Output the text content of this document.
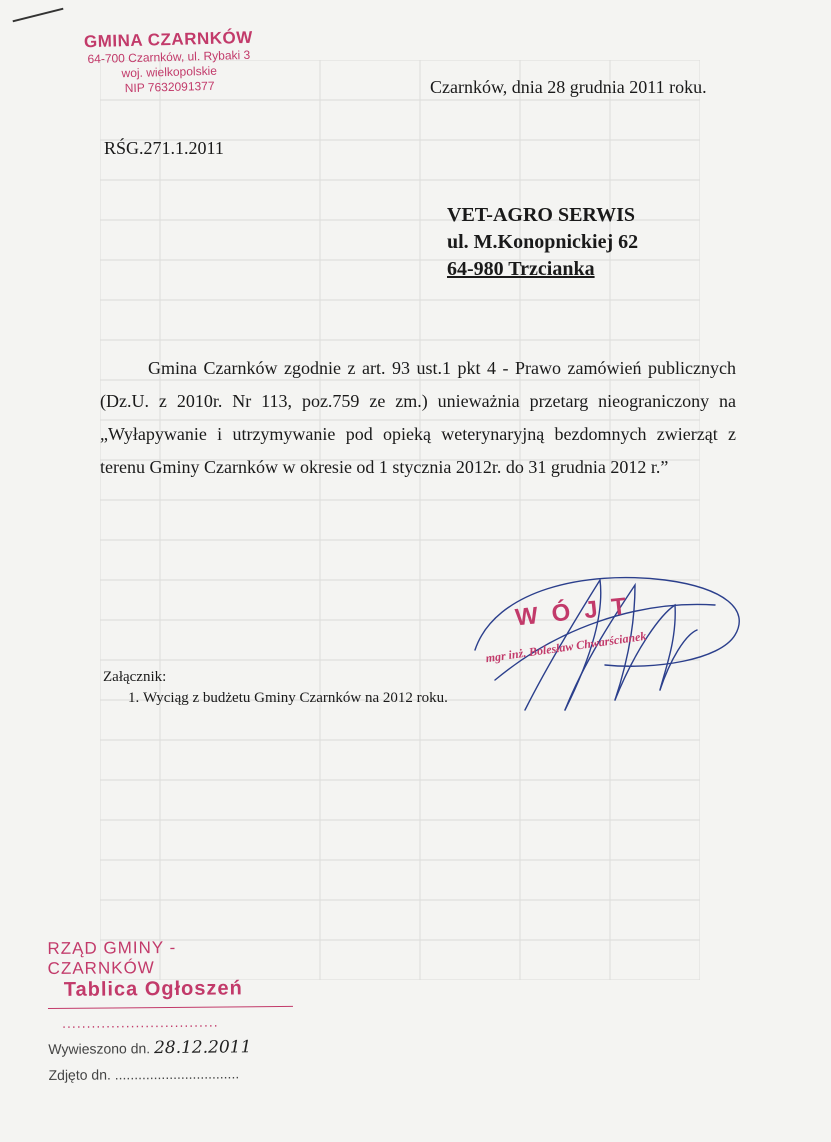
GMINA CZARNKÓW
64-700 Czarnków, ul. Rybaki 3
woj. wielkopolskie
NIP 7632091377	Czarnków, dnia 28 grudnia 2011 roku.
RŚG.271.1.2011
VET-AGRO SERWIS
ul. M.Konopnickiej 62
64-980 Trzcianka

Gmina Czarnków zgodnie z art. 93 ust.1 pkt 4 - Prawo zamówień publicznych (Dz.U. z 2010r. Nr 113, poz.759 ze zm.) unieważnia przetarg nieograniczony na „Wyłapywanie i utrzymywanie pod opieką weterynaryjną bezdomnych zwierząt z terenu Gminy Czarnków w okresie od 1 stycznia 2012r. do 31 grudnia 2012 r.”

WÓJT
mgr inż. Bolesław Chwarścianek
Załącznik:
1. Wyciąg z budżetu Gminy Czarnków na 2012 roku.
RZĄD GMINY - CZARNKÓW
Tablica Ogłoszeń
................................
Wywieszono dn. 28.12.2011
Zdjęto dn. ................................
